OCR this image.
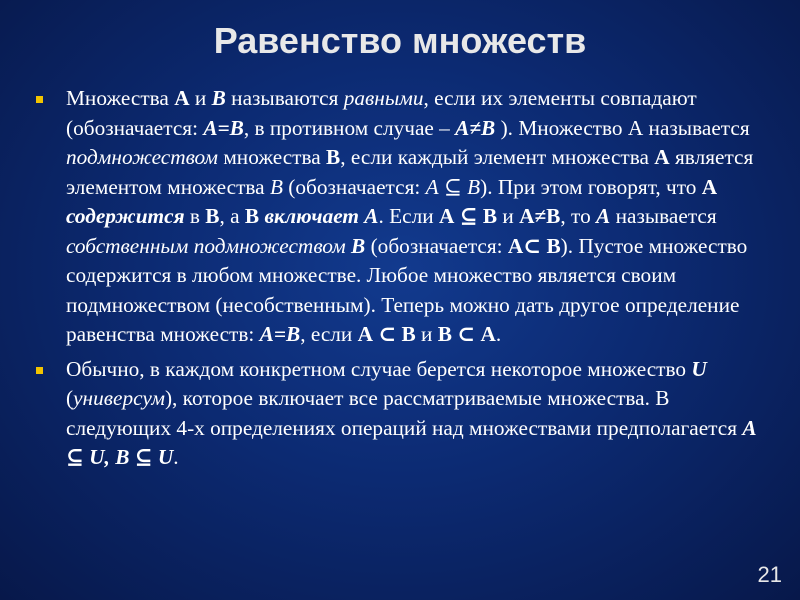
Равенство множеств

Множества А и В называются равными, если их элементы совпадают (обозначается: А=В, в противном случае – А≠В ). Множество А называется подмножеством множества В, если каждый элемент множества А является элементом множества В (обозначается: А ⊆ В). При этом говорят, что А содержится в В, а В включает А. Если А ⊆ В и А≠В, то А называется собственным подмножеством В (обозначается: А⊂ В). Пустое множество содержится в любом множестве. Любое множество является своим подмножеством (несобственным). Теперь можно дать другое определение равенства множеств: А=В, если А ⊂ В и В ⊂ А.

Обычно, в каждом конкретном случае берется некоторое множество U (универсум), которое включает все рассматриваемые множества. В следующих 4-х определениях операций над множествами предполагается A ⊆ U, B ⊆ U.

21
